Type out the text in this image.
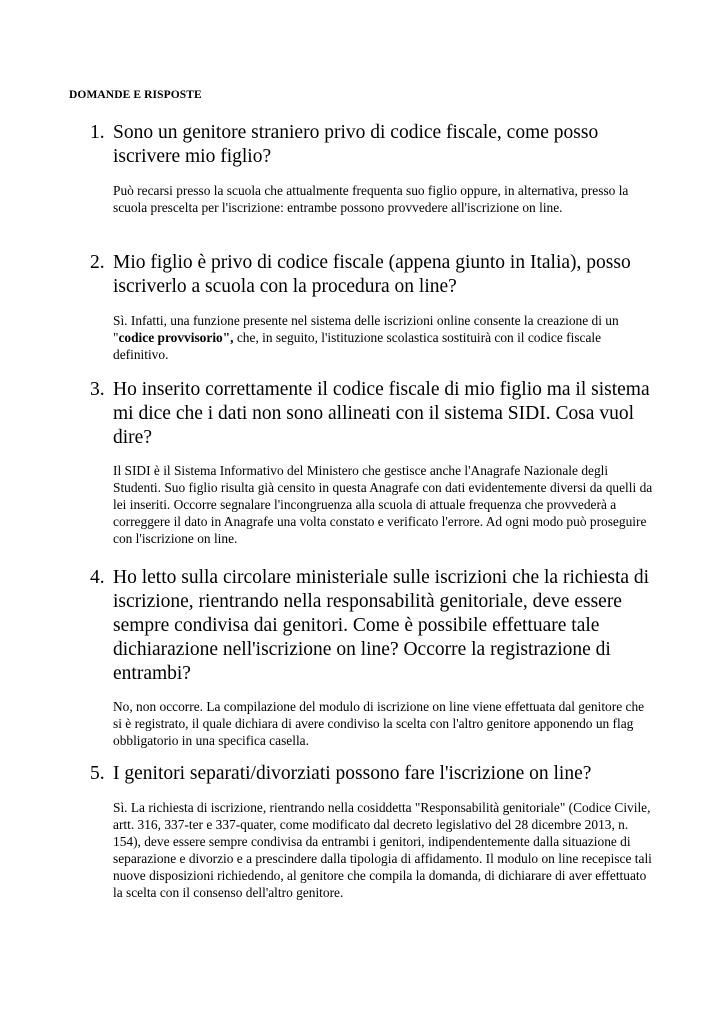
DOMANDE E RISPOSTE
1. Sono un genitore straniero privo di codice fiscale, come posso iscrivere mio figlio?
Può recarsi presso la scuola che attualmente frequenta suo figlio oppure, in alternativa, presso la scuola prescelta per l'iscrizione: entrambe possono provvedere all'iscrizione on line.
2. Mio figlio è privo di codice fiscale (appena giunto in Italia), posso iscriverlo a scuola con la procedura on line?
Sì. Infatti, una funzione presente nel sistema delle iscrizioni online consente la creazione di un "codice provvisorio", che, in seguito, l'istituzione scolastica sostituirà con il codice fiscale definitivo.
3. Ho inserito correttamente il codice fiscale di mio figlio ma il sistema mi dice che i dati non sono allineati con il sistema SIDI. Cosa vuol dire?
Il SIDI è il Sistema Informativo del Ministero che gestisce anche l'Anagrafe Nazionale degli Studenti. Suo figlio risulta già censito in questa Anagrafe con dati evidentemente diversi da quelli da lei inseriti. Occorre segnalare l'incongruenza alla scuola di attuale frequenza che provvederà a correggere il dato in Anagrafe una volta constato e verificato l'errore. Ad ogni modo può proseguire con l'iscrizione on line.
4. Ho letto sulla circolare ministeriale sulle iscrizioni che la richiesta di iscrizione, rientrando nella responsabilità genitoriale, deve essere sempre condivisa dai genitori. Come è possibile effettuare tale dichiarazione nell'iscrizione on line? Occorre la registrazione di entrambi?
No, non occorre. La compilazione del modulo di iscrizione on line viene effettuata dal genitore che si è registrato, il quale dichiara di avere condiviso la scelta con l'altro genitore apponendo un flag obbligatorio in una specifica casella.
5. I genitori separati/divorziati possono fare l'iscrizione on line?
Sì. La richiesta di iscrizione, rientrando nella cosiddetta "Responsabilità genitoriale" (Codice Civile, artt. 316, 337-ter e 337-quater, come modificato dal decreto legislativo del 28 dicembre 2013, n. 154), deve essere sempre condivisa da entrambi i genitori, indipendentemente dalla situazione di separazione e divorzio e a prescindere dalla tipologia di affidamento. Il modulo on line recepisce tali nuove disposizioni richiedendo, al genitore che compila la domanda, di dichiarare di aver effettuato la scelta con il consenso dell'altro genitore.
